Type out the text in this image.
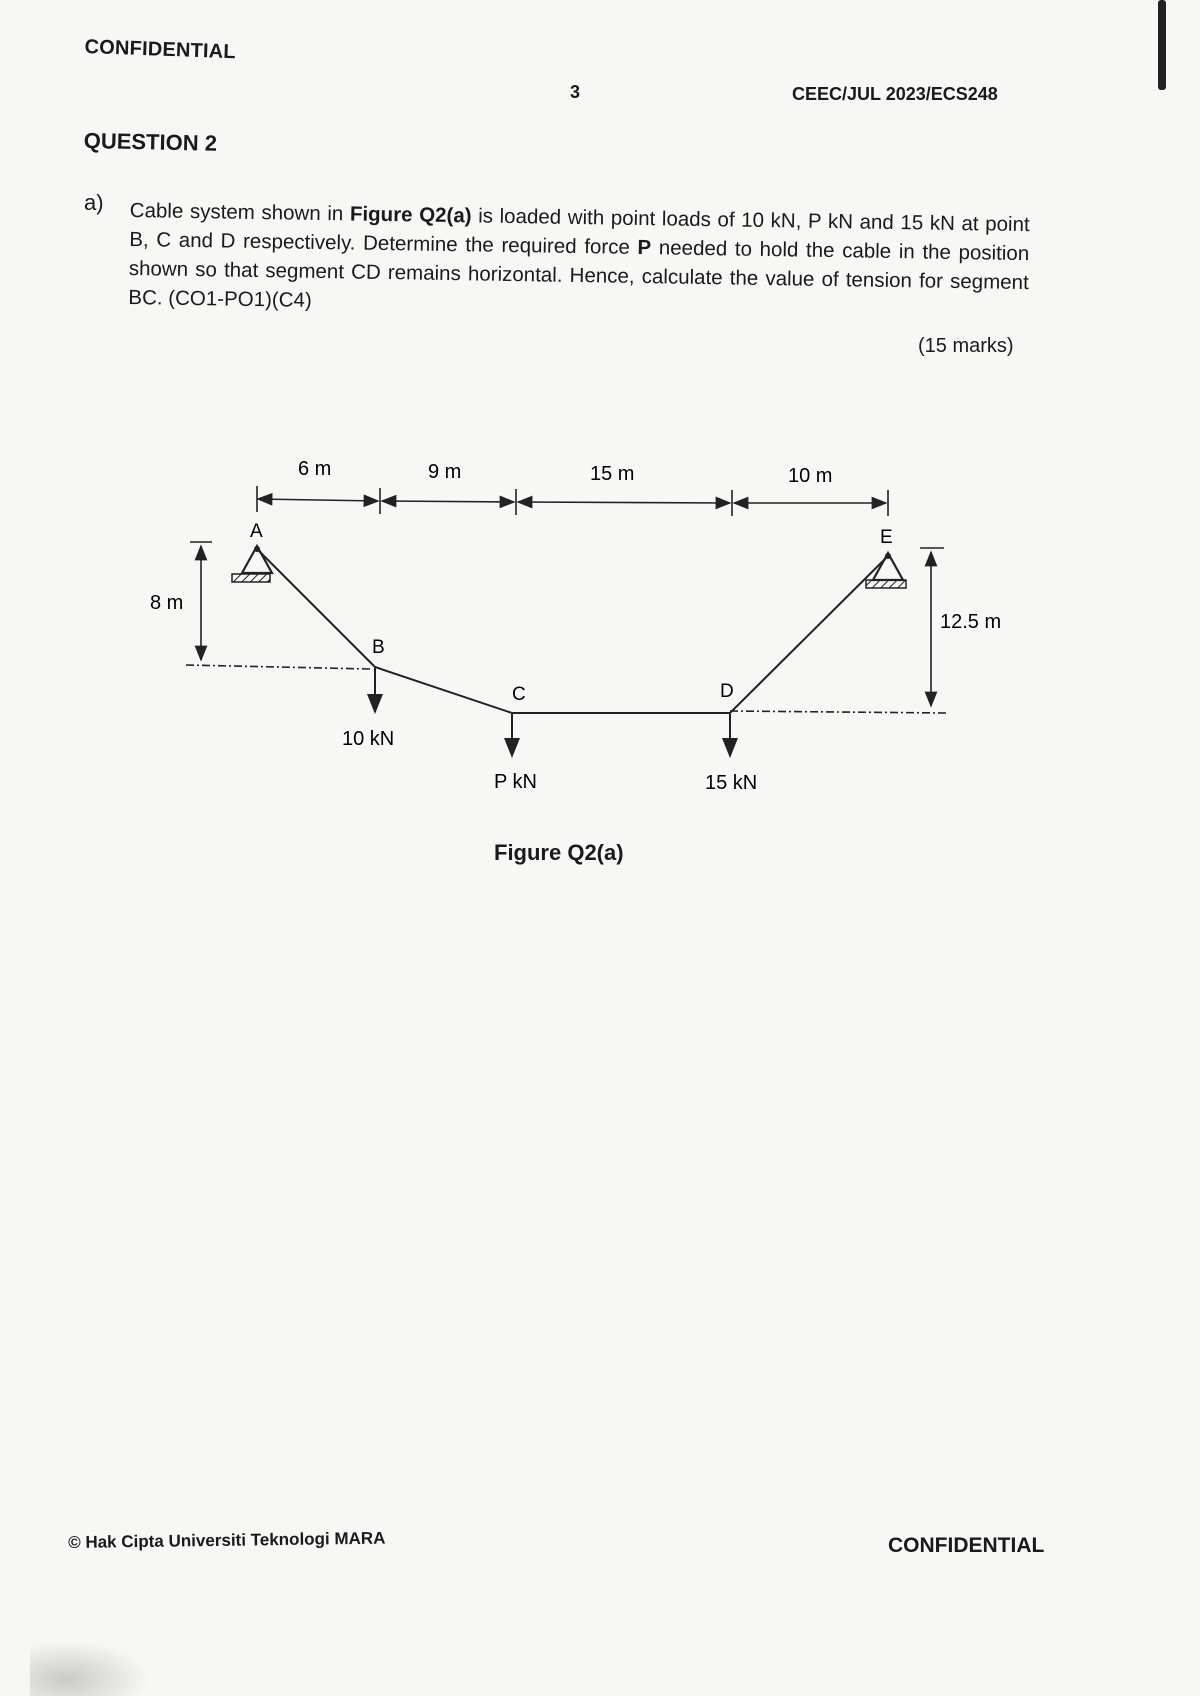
CONFIDENTIAL
3	CEEC/JUL 2023/ECS248
QUESTION 2
a) Cable system shown in Figure Q2(a) is loaded with point loads of 10 kN, P kN and 15 kN at point B, C and D respectively. Determine the required force P needed to hold the cable in the position shown so that segment CD remains horizontal. Hence, calculate the value of tension for segment BC. (CO1-PO1)(C4)
(15 marks)
6 m	9 m	15 m	10 m
8 m
12.5 m
A
B
C	D
E
10 kN
P kN	15 kN
Figure Q2(a)
© Hak Cipta Universiti Teknologi MARA	CONFIDENTIAL
